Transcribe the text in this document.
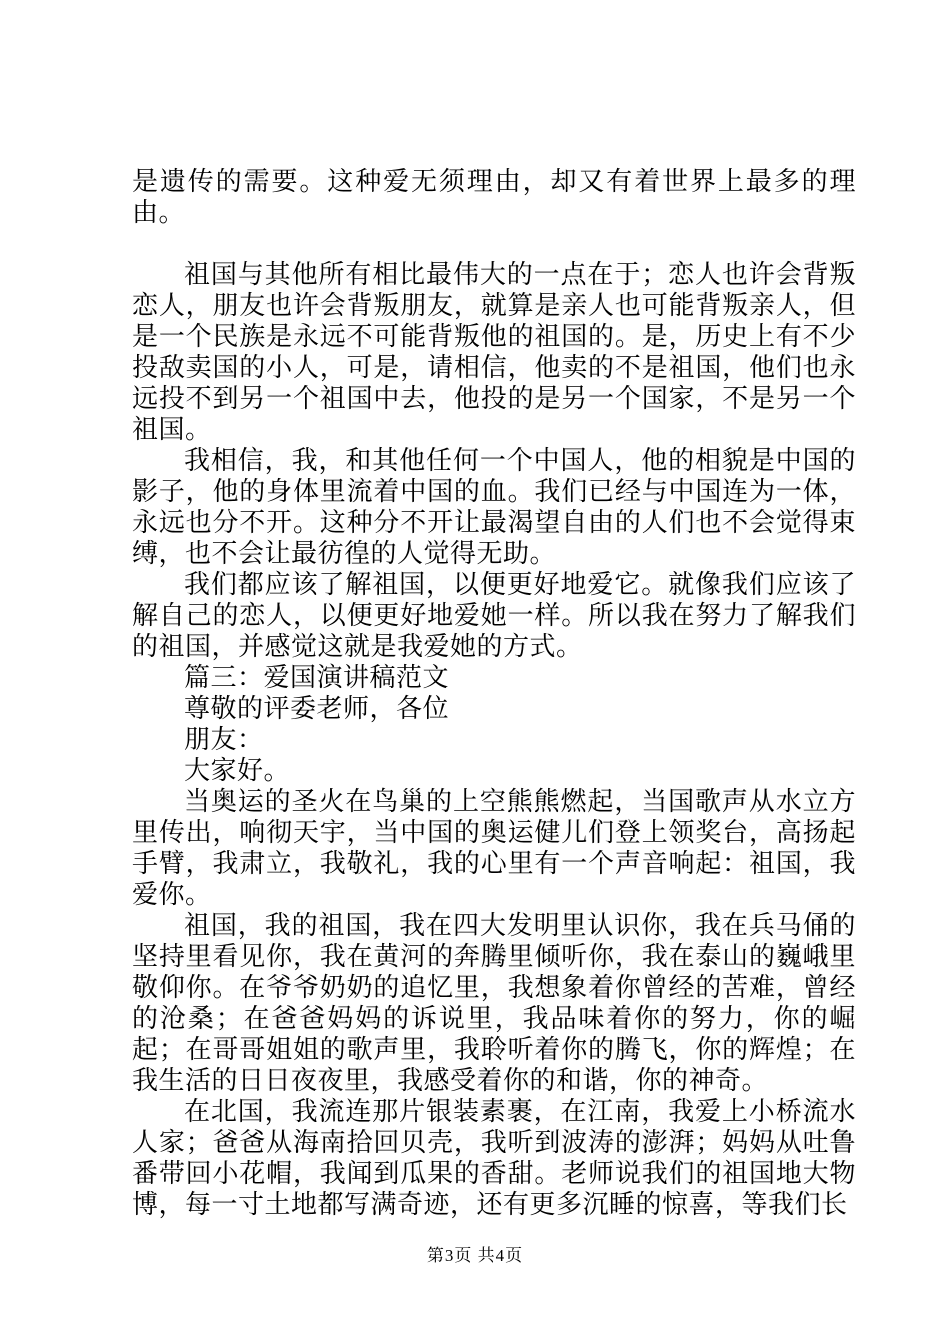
是遗传的需要。这种爱无须理由，却又有着世界上最多的理由。

祖国与其他所有相比最伟大的一点在于；恋人也许会背叛恋人，朋友也许会背叛朋友，就算是亲人也可能背叛亲人，但是一个民族是永远不可能背叛他的祖国的。是，历史上有不少投敌卖国的小人，可是，请相信，他卖的不是祖国，他们也永远投不到另一个祖国中去，他投的是另一个国家，不是另一个祖国。

我相信，我，和其他任何一个中国人，他的相貌是中国的影子，他的身体里流着中国的血。我们已经与中国连为一体，永远也分不开。这种分不开让最渴望自由的人们也不会觉得束缚，也不会让最彷徨的人觉得无助。

我们都应该了解祖国，以便更好地爱它。就像我们应该了解自己的恋人，以便更好地爱她一样。所以我在努力了解我们的祖国，并感觉这就是我爱她的方式。

篇三：爱国演讲稿范文

尊敬的评委老师，各位

朋友：

大家好。

当奥运的圣火在鸟巢的上空熊熊燃起，当国歌声从水立方里传出，响彻天宇，当中国的奥运健儿们登上领奖台，高扬起手臂，我肃立，我敬礼，我的心里有一个声音响起：祖国，我爱你。

祖国，我的祖国，我在四大发明里认识你，我在兵马俑的坚持里看见你，我在黄河的奔腾里倾听你，我在泰山的巍峨里敬仰你。在爷爷奶奶的追忆里，我想象着你曾经的苦难，曾经的沧桑；在爸爸妈妈的诉说里，我品味着你的努力，你的崛起；在哥哥姐姐的歌声里，我聆听着你的腾飞，你的辉煌；在我生活的日日夜夜里，我感受着你的和谐，你的神奇。

在北国，我流连那片银装素裹，在江南，我爱上小桥流水人家；爸爸从海南拾回贝壳，我听到波涛的澎湃；妈妈从吐鲁番带回小花帽，我闻到瓜果的香甜。老师说我们的祖国地大物博，每一寸土地都写满奇迹，还有更多沉睡的惊喜，等我们长

第3页 共4页
